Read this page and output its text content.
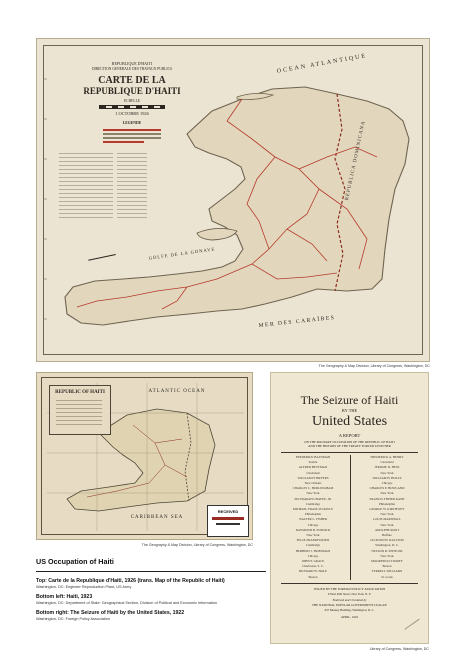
REPUBLIQUE D'HAITI
DIRECTION GENERALE DES TRAVAUX PUBLICS
CARTE DE LA
REPUBLIQUE D'HAITI
ECHELLE
1 OCTOBRE 1926
LEGENDE
OCEAN ATLANTIQUE
MER DES CARAÏBES
GOLFE DE LA GONAVE
REPUBLICA DOMINICANA
The Geography & Map Division, Library of Congress, Washington, DC
REPUBLIC OF HAITI	ATLANTIC OCEAN
CARIBBEAN SEA
RECEIVED
The Geography & Map Division, Library of Congress, Washington, DC
The Seizure of Haiti
BY THE
United States
A REPORT
ON THE MILITARY OCCUPATION OF THE REPUBLIC OF HAITI
AND THE HISTORY OF THE TREATY FORCED UPON HER
FREDERICK BAUSMAN
Seattle
ALFRED BETTMAN
Cincinnati
WILLIAM H. BRYERS
New Orleans
CHARLES C. BURLINGHAM
New York
ZECHARIAH CHAFEE, JR.
Cambridge
MICHAEL FRANCIS DOYLE
Philadelphia
WALTER L. FISHER
Chicago
RAYMOND B. FOSDICK
New York
FELIX FRANKFURTER
Cambridge
HERBERT J. FRIEDMAN
Chicago
JOHN P. GRACE
Charleston, S. C.
RICHARD W. HALE
Boston
FREDERICK A. HENRY
Cleveland
JEROME N. HESS
New York
WILLIAM H. HOLLY
Chicago
CHARLES P. HOWLAND
New York
FRANCIS FISHER KANE
Philadelphia
GEORGE W. KIRCHWEY
New York
LOUIS MARSHALL
New York
ADOLPHE ROOT
Buffalo
JACKSON H. RALSTON
Washington, D. C.
NELSON R. SPENCER
New York
MOORFIELD STOREY
Boston
TERRELL WILLIAMS
St. Louis
ISSUED BY THE FOREIGN POLICY ASSOCIATION
9 West 40th Street, New York, N. Y.
Endorsed and Circulated by
THE NATIONAL POPULAR GOVERNMENT LEAGUE
637 Munsey Building, Washington, D. C.
APRIL, 1922
US Occupation of Haiti
Top: Carte de la Republique d'Haiti, 1926 (trans. Map of the Republic of Haiti)
Washington, DC: Engineer Reproduction Plant, US Army
Bottom left: Haiti, 1923
Washington, DC: Department of State: Geographical Section, Division of Political and Economic Information
Bottom right: The Seizure of Haiti by the United States, 1922
Washington, DC: Foreign Policy Association
Library of Congress, Washington, DC
